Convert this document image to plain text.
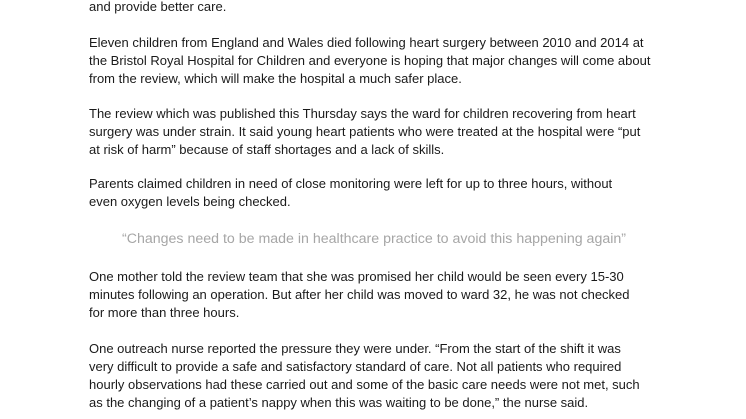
and provide better care.

Eleven children from England and Wales died following heart surgery between 2010 and 2014 at
the Bristol Royal Hospital for Children and everyone is hoping that major changes will come about
from the review, which will make the hospital a much safer place.

The review which was published this Thursday says the ward for children recovering from heart
surgery was under strain. It said young heart patients who were treated at the hospital were “put
at risk of harm” because of staff shortages and a lack of skills.

Parents claimed children in need of close monitoring were left for up to three hours, without
even oxygen levels being checked.

“Changes need to be made in healthcare practice to avoid this happening again”

One mother told the review team that she was promised her child would be seen every 15-30
minutes following an operation. But after her child was moved to ward 32, he was not checked
for more than three hours.

One outreach nurse reported the pressure they were under. “From the start of the shift it was
very difficult to provide a safe and satisfactory standard of care. Not all patients who required
hourly observations had these carried out and some of the basic care needs were not met, such
as the changing of a patient’s nappy when this was waiting to be done,” the nurse said.
